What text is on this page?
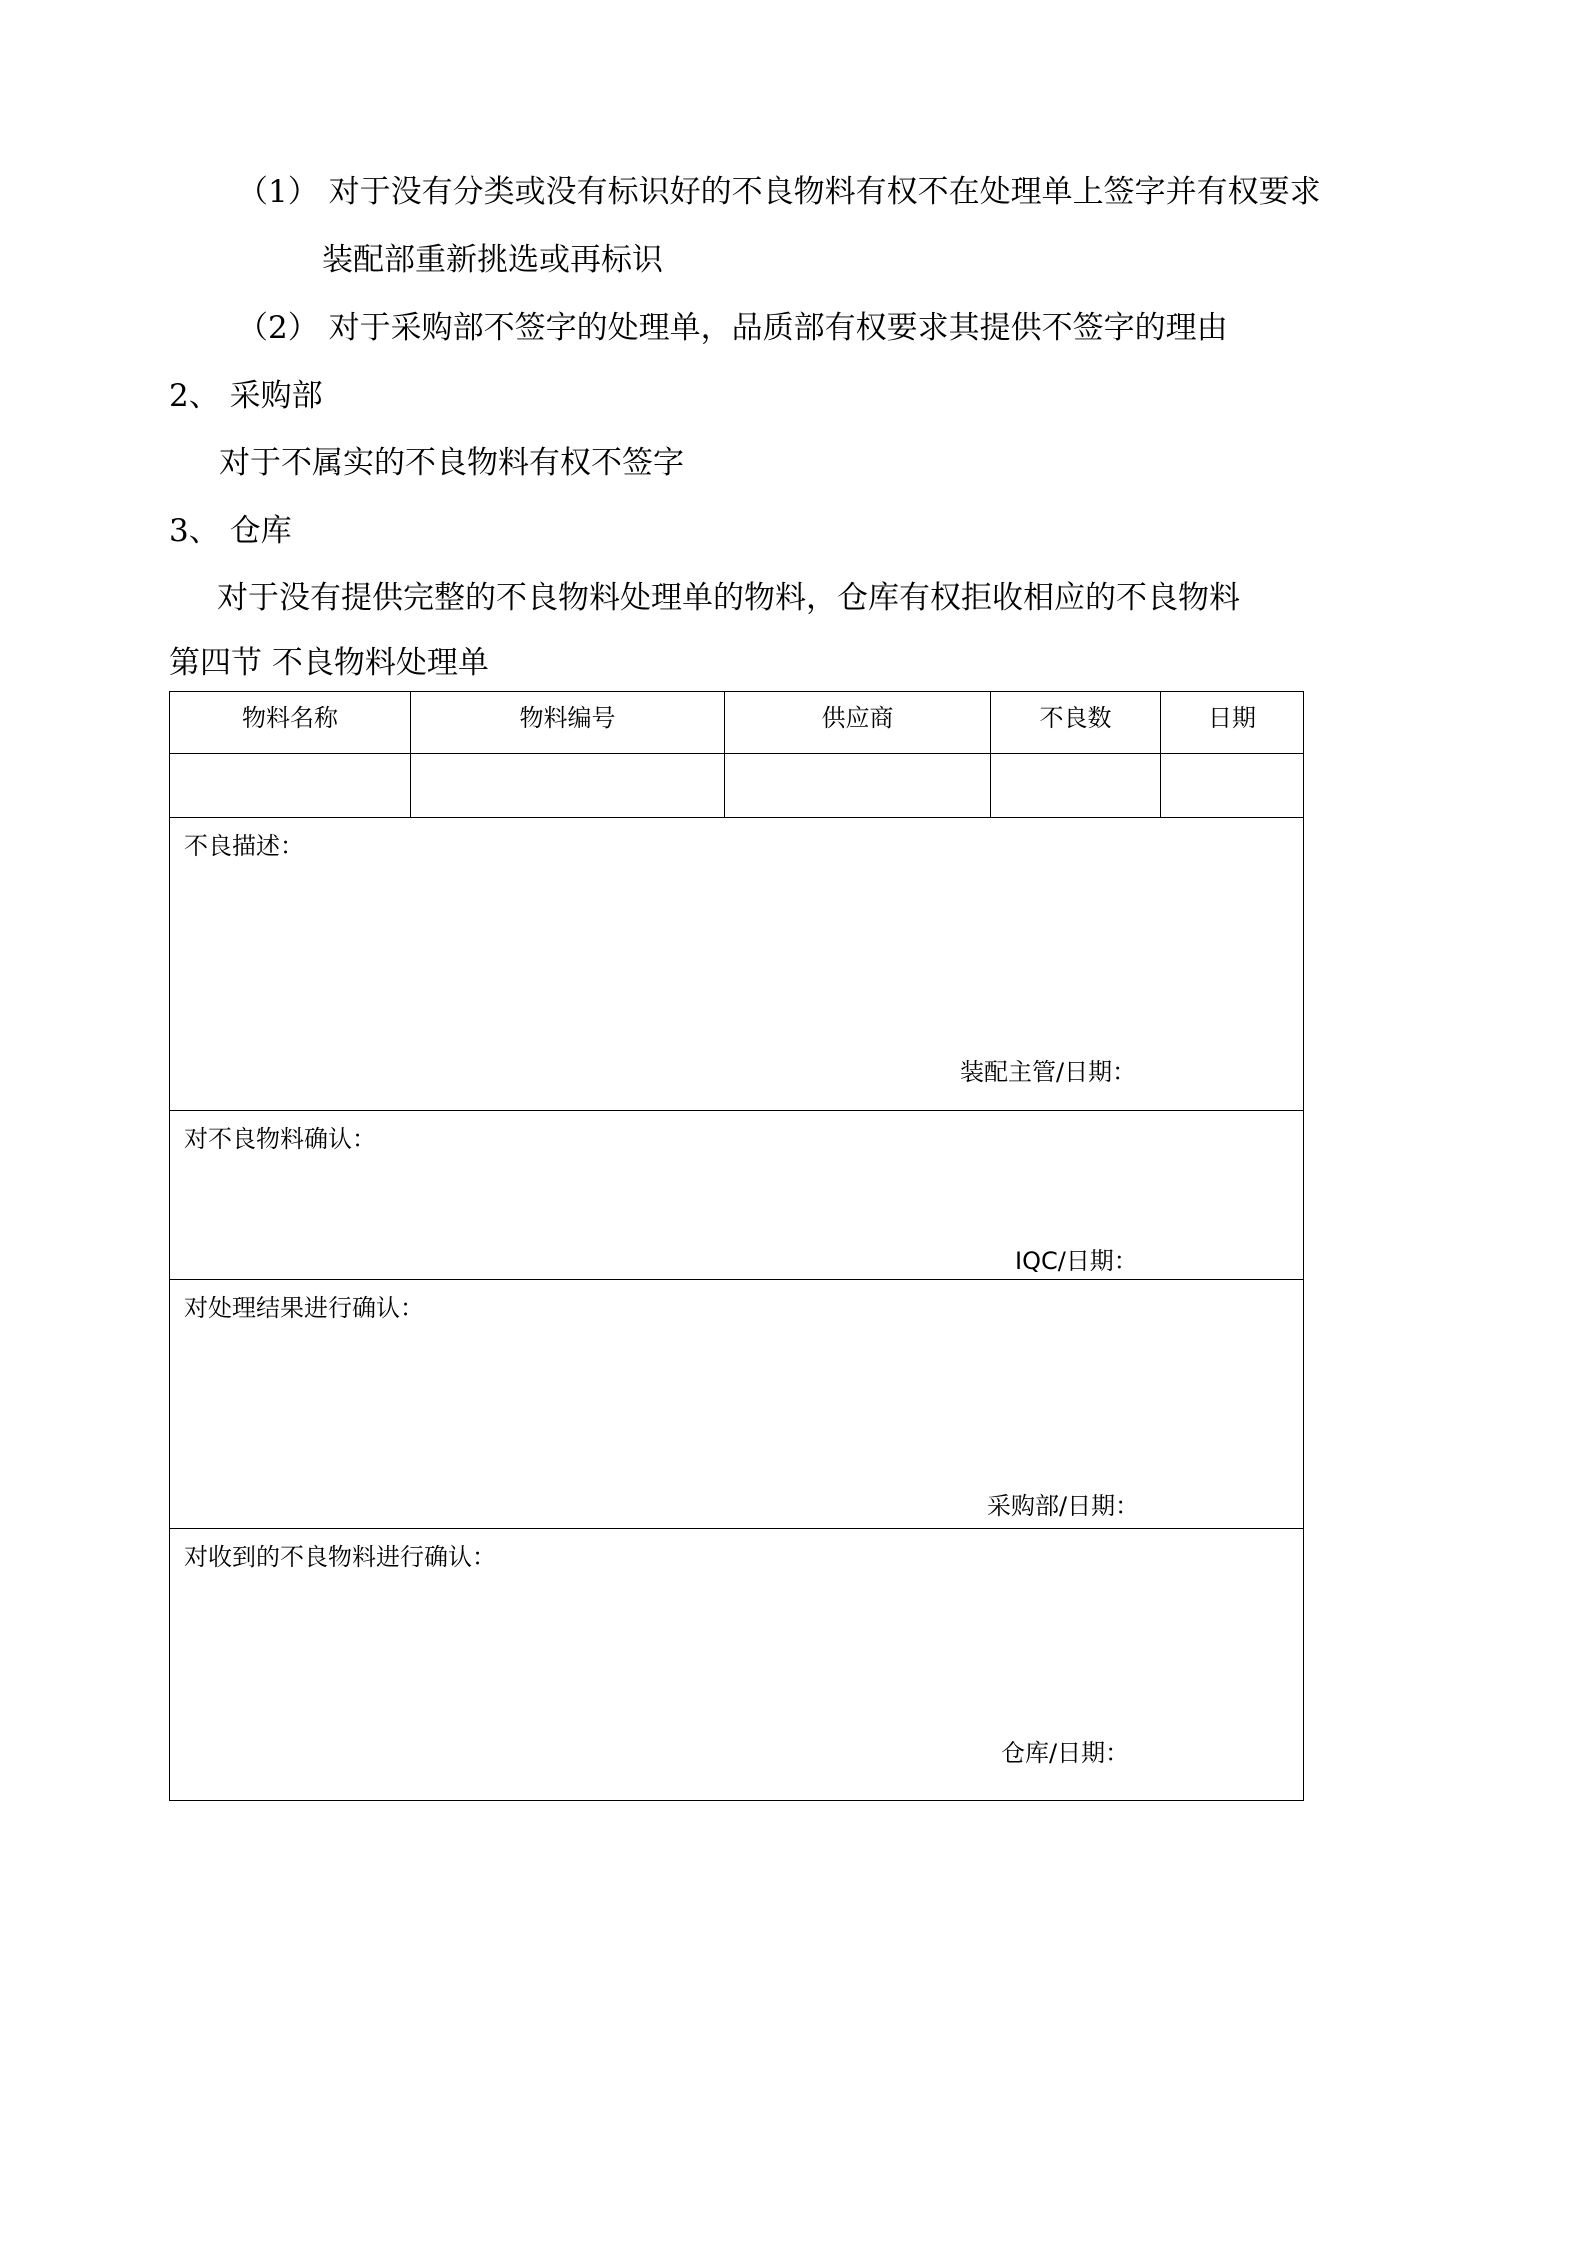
（1） 对于没有分类或没有标识好的不良物料有权不在处理单上签字并有权要求
装配部重新挑选或再标识
（2） 对于采购部不签字的处理单，品质部有权要求其提供不签字的理由
2、 采购部
对于不属实的不良物料有权不签字
3、 仓库
对于没有提供完整的不良物料处理单的物料，仓库有权拒收相应的不良物料
第四节 不良物料处理单
物料名称	物料编号	供应商	不良数	日期
不良描述：
装配主管/日期：
对不良物料确认：
IQC/日期：
对处理结果进行确认：
采购部/日期：
对收到的不良物料进行确认：
仓库/日期：
